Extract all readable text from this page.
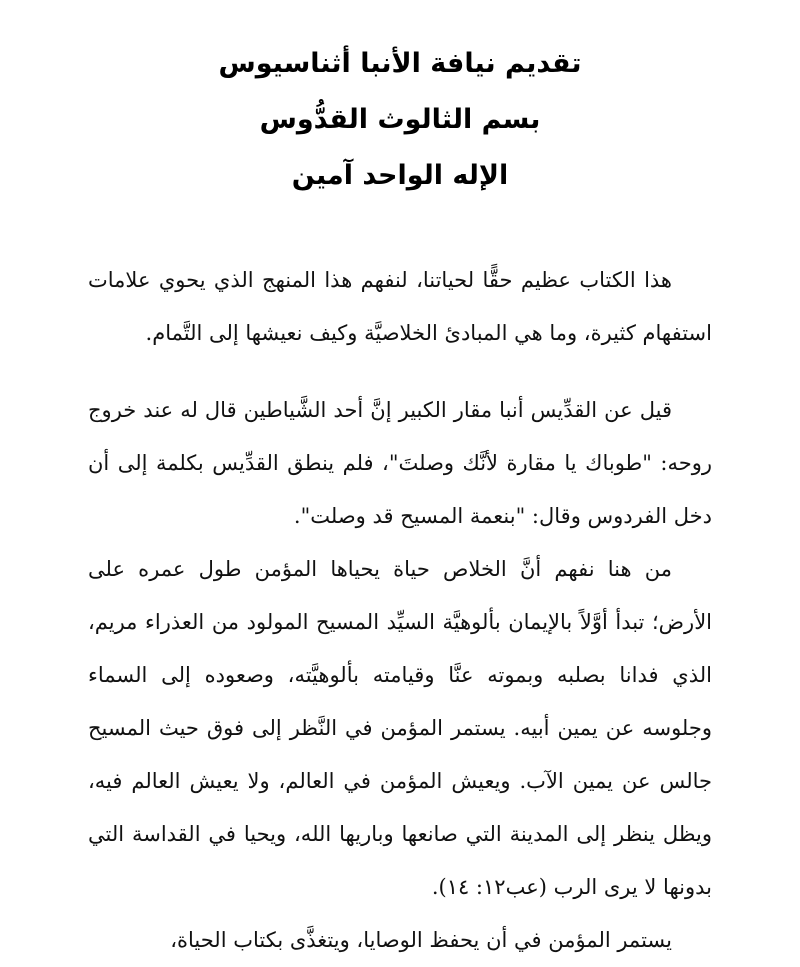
تقديم نيافة الأنبا أثناسيوس
بسم الثالوث القدُّوس
الإله الواحد آمين

هذا الكتاب عظيم حقًّا لحياتنا، لنفهم هذا المنهج الذي يحوي علامات استفهام كثيرة، وما هي المبادئ الخلاصيَّة وكيف نعيشها إلى التَّمام.

قيل عن القدِّيس أنبا مقار الكبير إنَّ أحد الشَّياطين قال له عند خروج روحه: "طوباك يا مقارة لأنَّك وصلتَ"، فلم ينطق القدِّيس بكلمة إلى أن دخل الفردوس وقال: "بنعمة المسيح قد وصلت".

من هنا نفهم أنَّ الخلاص حياة يحياها المؤمن طول عمره على الأرض؛ تبدأ أوَّلاً بالإيمان بألوهيَّة السيِّد المسيح المولود من العذراء مريم، الذي فدانا بصلبه وبموته عنَّا وقيامته بألوهيَّته، وصعوده إلى السماء وجلوسه عن يمين أبيه. يستمر المؤمن في النَّظر إلى فوق حيث المسيح جالس عن يمين الآب. ويعيش المؤمن في العالم، ولا يعيش العالم فيه، ويظل ينظر إلى المدينة التي صانعها وباريها الله، ويحيا في القداسة التي بدونها لا يرى الرب (عب١٢: ١٤).

يستمر المؤمن في أن يحفظ الوصايا، ويتغذَّى بكتاب الحياة،
